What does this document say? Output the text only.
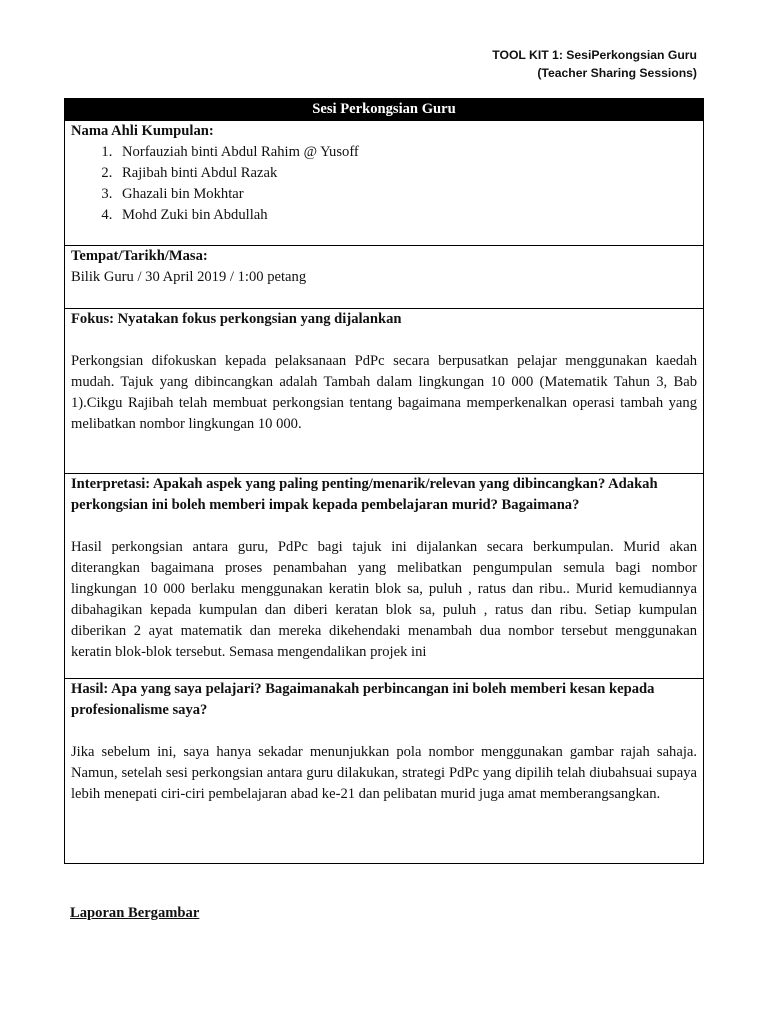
TOOL KIT 1: SesiPerkongsian Guru
(Teacher Sharing Sessions)
Sesi Perkongsian Guru

Nama Ahli Kumpulan:
1. Norfauziah binti Abdul Rahim @ Yusoff
2. Rajibah binti Abdul Razak
3. Ghazali bin Mokhtar
4. Mohd Zuki bin Abdullah

Tempat/Tarikh/Masa:
Bilik Guru / 30 April 2019 / 1:00 petang

Fokus: Nyatakan fokus perkongsian yang dijalankan

Perkongsian difokuskan kepada pelaksanaan PdPc secara berpusatkan pelajar menggunakan kaedah mudah. Tajuk yang dibincangkan adalah Tambah dalam lingkungan 10 000 (Matematik Tahun 3, Bab 1).Cikgu Rajibah telah membuat perkongsian tentang bagaimana memperkenalkan operasi tambah yang melibatkan nombor lingkungan 10 000.

Interpretasi: Apakah aspek yang paling penting/menarik/relevan yang dibincangkan? Adakah perkongsian ini boleh memberi impak kepada pembelajaran murid? Bagaimana?

Hasil perkongsian antara guru, PdPc bagi tajuk ini dijalankan secara berkumpulan. Murid akan diterangkan bagaimana proses penambahan yang melibatkan pengumpulan semula bagi nombor lingkungan 10 000 berlaku menggunakan keratin blok sa, puluh , ratus dan ribu.. Murid kemudiannya dibahagikan kepada kumpulan dan diberi keratan blok sa, puluh , ratus dan ribu. Setiap kumpulan diberikan 2 ayat matematik dan mereka dikehendaki menambah dua nombor tersebut menggunakan keratin blok-blok tersebut. Semasa mengendalikan projek ini

Hasil: Apa yang saya pelajari? Bagaimanakah perbincangan ini boleh memberi kesan kepada profesionalisme saya?

Jika sebelum ini, saya hanya sekadar menunjukkan pola nombor menggunakan gambar rajah sahaja. Namun, setelah sesi perkongsian antara guru dilakukan, strategi PdPc yang dipilih telah diubahsuai supaya lebih menepati ciri-ciri pembelajaran abad ke-21 dan pelibatan murid juga amat memberangsangkan.

Laporan Bergambar
